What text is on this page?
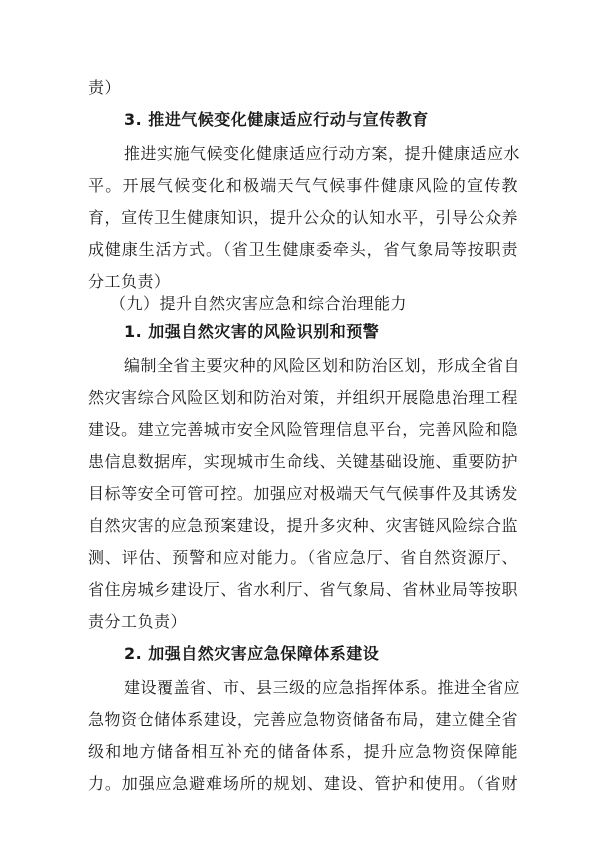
责）
3. 推进气候变化健康适应行动与宣传教育
推进实施气候变化健康适应行动方案，提升健康适应水
平。开展气候变化和极端天气气候事件健康风险的宣传教
育，宣传卫生健康知识，提升公众的认知水平，引导公众养
成健康生活方式。（省卫生健康委牵头，省气象局等按职责
分工负责）
（九）提升自然灾害应急和综合治理能力
1. 加强自然灾害的风险识别和预警
编制全省主要灾种的风险区划和防治区划，形成全省自
然灾害综合风险区划和防治对策，并组织开展隐患治理工程
建设。建立完善城市安全风险管理信息平台，完善风险和隐
患信息数据库，实现城市生命线、关键基础设施、重要防护
目标等安全可管可控。加强应对极端天气气候事件及其诱发
自然灾害的应急预案建设，提升多灾种、灾害链风险综合监
测、评估、预警和应对能力。（省应急厅、省自然资源厅、
省住房城乡建设厅、省水利厅、省气象局、省林业局等按职
责分工负责）
2. 加强自然灾害应急保障体系建设
建设覆盖省、市、县三级的应急指挥体系。推进全省应
急物资仓储体系建设，完善应急物资储备布局，建立健全省
级和地方储备相互补充的储备体系，提升应急物资保障能
力。加强应急避难场所的规划、建设、管护和使用。（省财
